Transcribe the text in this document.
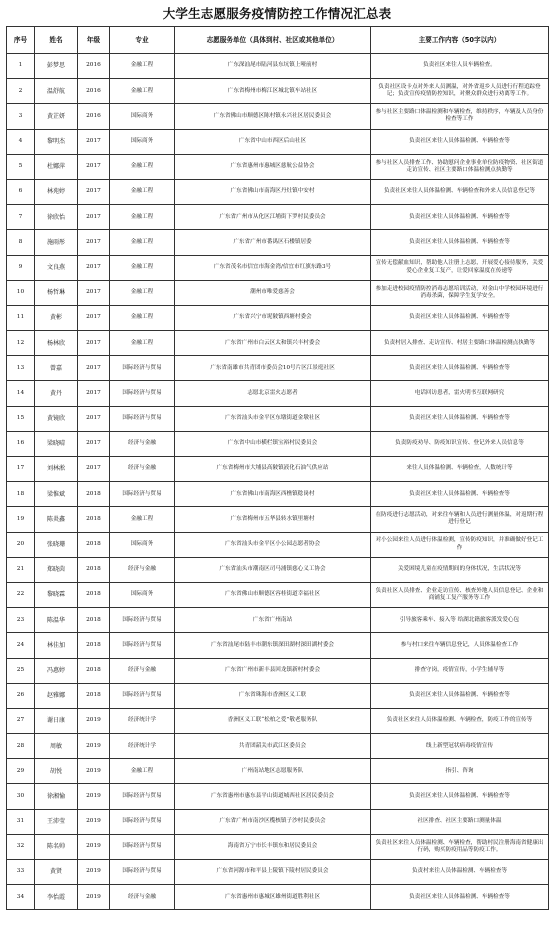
大学生志愿服务疫情防控工作情况汇总表
序号	姓名	年级	专业	志愿服务单位（具体到村、社区或其他单位）	主要工作内容（50字以内）
1	彭梦思	2016	金融工程	广东深汕尾市陆河县东坑镇上哑前村	负责社区来往人员车辆检查。
2	温舒航	2016	金融工程	广东省梅州市梅江区城北镇车站社区	负责社区设卡点对外来人员测温，对外省返乡人员进行行程追踪登记；负责宣传疫情防控知识，对聚众群众进行劝离等工作。
3	黄芷妍	2016	国际商务	广东省佛山市顺德区陈村镇永兴社区居民委员会	参与社区主要路口体温检测和车辆检查，维持秩序，车辆及人员身份检查等工作
4	黎明杰	2017	国际商务	广东省中山市西区后山社区	负责社区来往人员体温检测、车辆检查等
5	杜娜萍	2017	金融工程	广东省惠州市惠城区慈航公益协会	参与社区人员排查工作、协助慰问企业事业单位防疫物资、社区街道走访宣传、社区主要路口体温检测点执勤等
6	林苑婷	2017	金融工程	广东省佛山市南海区丹灶镇中安村	负责社区来往人员体温检测、车辆检查和外来人员信息登记等
7	徐欣怡	2017	金融工程	广东省广州市从化区江埔街下罗村民委员会	负责社区来往人员体温检测、车辆检查等
8	施雨彤	2017	金融工程	广东省广州市番禺区石楼镇居委	负责社区来往人员体温检测、车辆检查等
9	文良燕	2017	金融工程	广东省茂名市信宜市海金湾/信宜市红旗东路3号	宣传无偿献血知识，帮助他人注册上志愿，开展爱心接待服务，关爱爱心企业复工复产，让爱回家温度在传递等
10	杨哲琳	2017	金融工程	潮州市唯爱慈善会	参加走进校园疫情防控消毒志愿培训活动，对金山中学校园环境进行消毒杀菌，保障学生复学安全。
11	黄彬	2017	金融工程	广东省兴宁市坭陂镇西塘村委会	负责社区来往人员体温检测、车辆检查等
12	杨林欣	2017	金融工程	广东省广州市白云区太和镇兴丰村委会	负责村居入排查、走访宣传、村居主要路口体温检测点执勤等
13	曾嘉	2017	国际经济与贸易	广东省南雄市共青团市委员会10号片区江景庭社区	负责社区来往人员体温检测、车辆检查等
14	黄丹	2017	国际经济与贸易	志愿北京雷火志愿者	电话回访患者，雷火明书互联网研究
15	黄镜欣	2017	国际经济与贸易	广东省汕头市金平区东墩街道金墩社区	负责社区来往人员体温检测、车辆检查等
16	梁晓晴	2017	经济与金融	广东省中山市横栏镇宝裕村民委员会	负责防疫劝导、防疫知识宣传、登记外来人员信息等
17	刘林淞	2017	经济与金融	广东省梅州市大埔县高陂镇液化石油气供应站	来往人员体温检测、车辆检查，人数统计等
18	梁惟斌	2018	国际经济与贸易	广东省佛山市南海区西樵镇稔岗村	负责社区来往人员体温检测、车辆检查等
19	陈炎鑫	2018	金融工程	广东省梅州市五华县转水镇里塘村	在防疫进行志愿活动，对来往车辆和人员进行测量体温，对返期行程进行登记
20	张晓珊	2018	国际商务	广东省汕头市金平区小公园志愿者协会	对小公园来往人员进行体温检测，宣传防疫知识，并准确做好登记工作
21	郑晓茵	2018	经济与金融	广东省汕头市潮南区司马浦镇慈心义工协会	关爱困境儿童在疫情期间的身体状况，生活状况等
22	黎晓霖	2018	国际商务	广东省佛山市顺德区容桂街道幸福社区	负责社区人员排查、企业走访宣传、核查外地人员信息登记、企业和商铺复工复产服务等工作
23	陈温华	2018	国际经济与贸易	广东省广州南站	引导旅客乘车、接入等 给湖北籍旅客派发爱心包
24	林佳加	2018	国际经济与贸易	广东省汕尾市陆丰市潮东镇深田湖村深田湖村委会	参与村口来往车辆信息登记，人员体温检查工作
25	冯惠婷	2018	经济与金融	广东省广州市新丰县回龙镇新村村委会	排查守岗，疫情宣传，小学生辅导等
26	赵雅娜	2018	国际经济与贸易	广东省珠海市香洲区义工联	负责社区来往人员体温检测、车辆检查等
27	谢日康	2019	经济统计学	香洲区义工联“松柏之爱”敬老服务队	负责社区来往人员体温检测、车辆检查，防疫工作的宣传等
28	周敏	2019	经济统计学	共青团韶关市武江区委员会	线上新型冠状病毒疫情宣传
29	胡悦	2019	金融工程	广州南站地区志愿服务队	指引、咨询
30	徐湘愉	2019	国际经济与贸易	广东省惠州市惠东县平山街道城西社区居民委员会	负责社区来往人员体温检测、车辆检查等
31	王沛莹	2019	国际经济与贸易	广东省广州市南沙区榄核镇子沙村民委员会	社区排查、社区主要路口测量体温
32	陈名帅	2019	国际经济与贸易	海南省万宁市长丰镇东和居民委员会	负责社区来往人员体温检测、车辆检查，帮助村民注册海南省健康出行码，购买防疫用品等防疫工作。
33	黄贤	2019	国际经济与贸易	广东省河源市和平县上陵镇下陵村居民委员会	负责村来往人员体温检测、车辆检查等
34	李怡霞	2019	经济与金融	广东省惠州市惠城区雄州街道胜利社区	负责社区来往人员体温检测、车辆检查等
